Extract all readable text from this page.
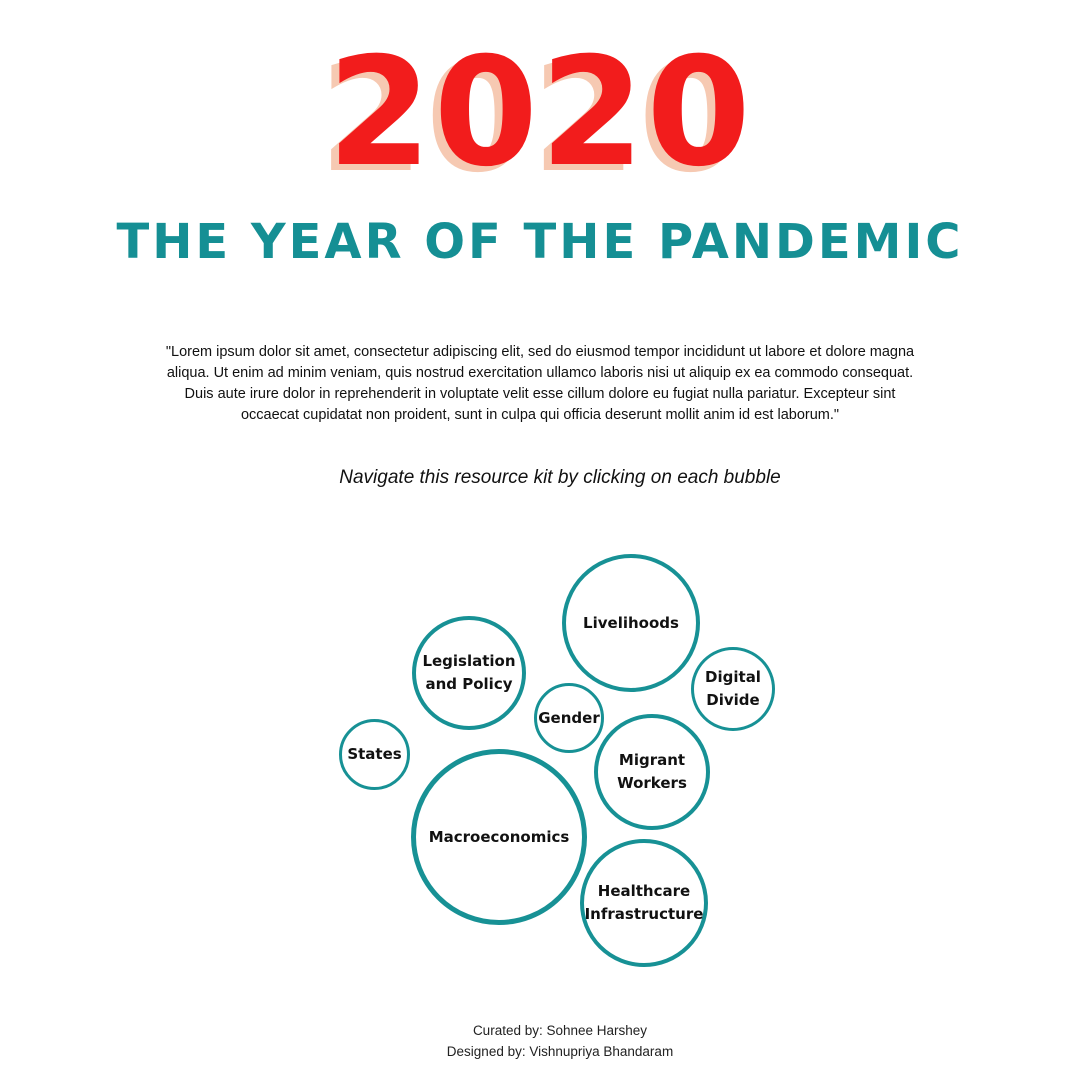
2020
THE YEAR OF THE PANDEMIC
"Lorem ipsum dolor sit amet, consectetur adipiscing elit, sed do eiusmod tempor incididunt ut labore et dolore magna aliqua. Ut enim ad minim veniam, quis nostrud exercitation ullamco laboris nisi ut aliquip ex ea commodo consequat. Duis aute irure dolor in reprehenderit in voluptate velit esse cillum dolore eu fugiat nulla pariatur. Excepteur sint occaecat cupidatat non proident, sunt in culpa qui officia deserunt mollit anim id est laborum."
Navigate this resource kit by clicking on each bubble
Livelihoods
Legislation
and Policy	Digital
Divide
Gender
States	Migrant
Workers
Macroeconomics
Healthcare
Infrastructure
Curated by: Sohnee Harshey
Designed by: Vishnupriya Bhandaram
